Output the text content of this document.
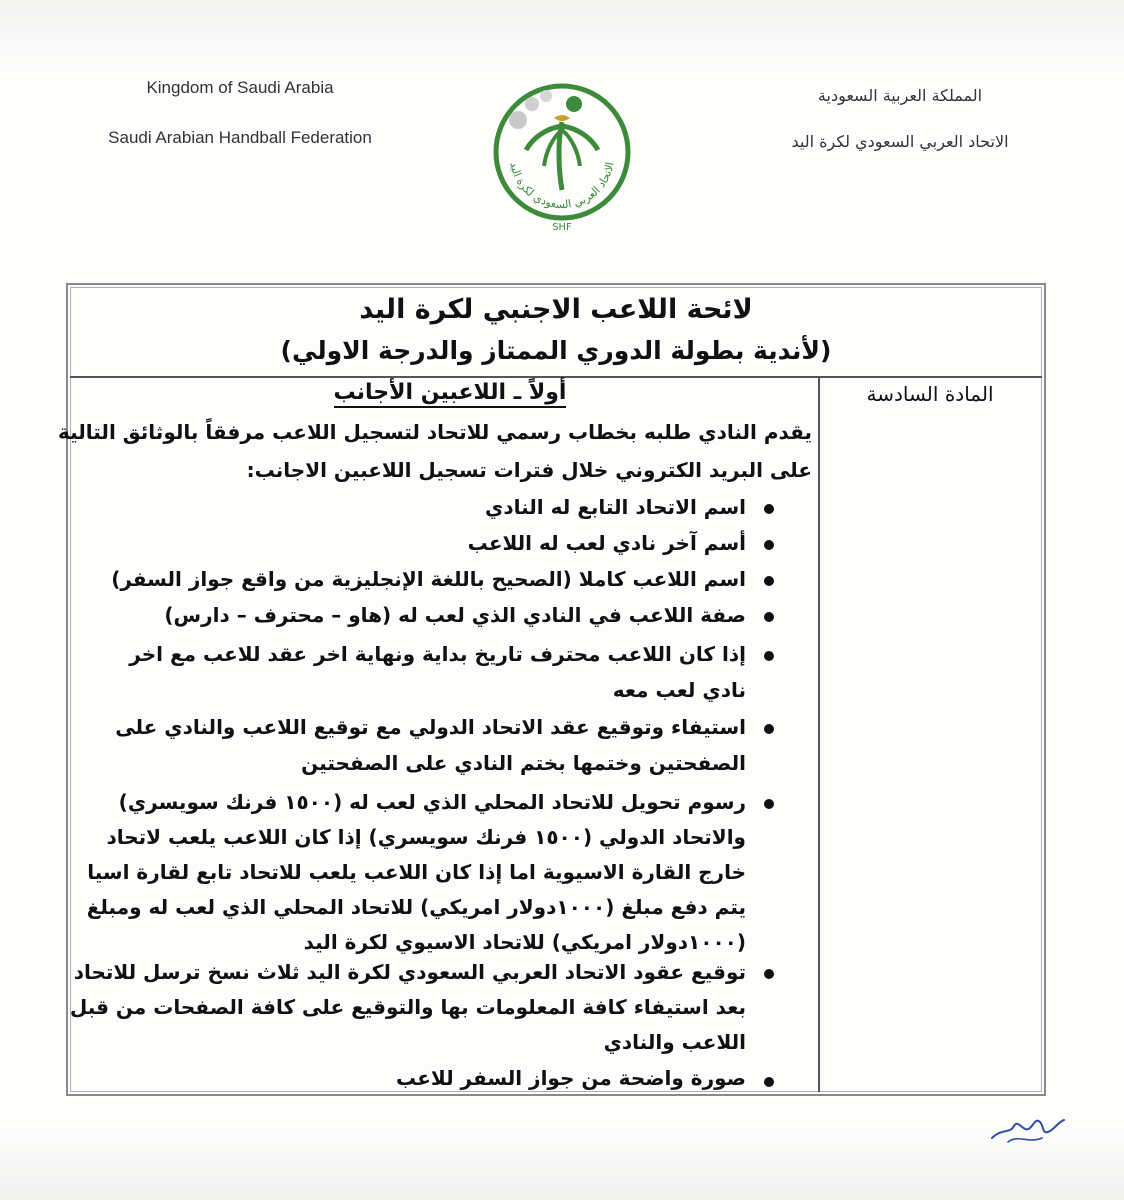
Kingdom of Saudi Arabia
Saudi Arabian Handball Federation
المملكة العربية السعودية
الاتحاد العربي السعودي لكرة اليد
الاتحاد العربي السعودي لكرة اليد
SHF
لائحة اللاعب الاجنبي لكرة اليد
(لأندية بطولة الدوري الممتاز والدرجة الاولي)
المادة السادسة
أولاً ـ اللاعبين الأجانب
يقدم النادي طلبه بخطاب رسمي للاتحاد لتسجيل اللاعب مرفقاً بالوثائق التالية
على البريد الكتروني خلال فترات تسجيل اللاعبين الاجانب:
اسم الاتحاد التابع له النادي
أسم آخر نادي لعب له اللاعب
اسم اللاعب كاملا (الصحيح باللغة الإنجليزية من واقع جواز السفر)
صفة اللاعب في النادي الذي لعب له (هاو – محترف – دارس)
إذا كان اللاعب محترف تاريخ بداية ونهاية اخر عقد للاعب مع اخر
نادي لعب معه
استيفاء وتوقيع عقد الاتحاد الدولي مع توقيع اللاعب والنادي على
الصفحتين وختمها بختم النادي على الصفحتين
رسوم تحويل للاتحاد المحلي الذي لعب له (١٥٠٠ فرنك سويسري)
والاتحاد الدولي (١٥٠٠ فرنك سويسري) إذا كان اللاعب يلعب لاتحاد
خارج القارة الاسيوية اما إذا كان اللاعب يلعب للاتحاد تابع لقارة اسيا
يتم دفع مبلغ (١٠٠٠دولار امريكي) للاتحاد المحلي الذي لعب له ومبلغ
(١٠٠٠دولار امريكي) للاتحاد الاسيوي لكرة اليد
توقيع عقود الاتحاد العربي السعودي لكرة اليد ثلاث نسخ ترسل للاتحاد
بعد استيفاء كافة المعلومات بها والتوقيع على كافة الصفحات من قبل
اللاعب والنادي
صورة واضحة من جواز السفر للاعب
